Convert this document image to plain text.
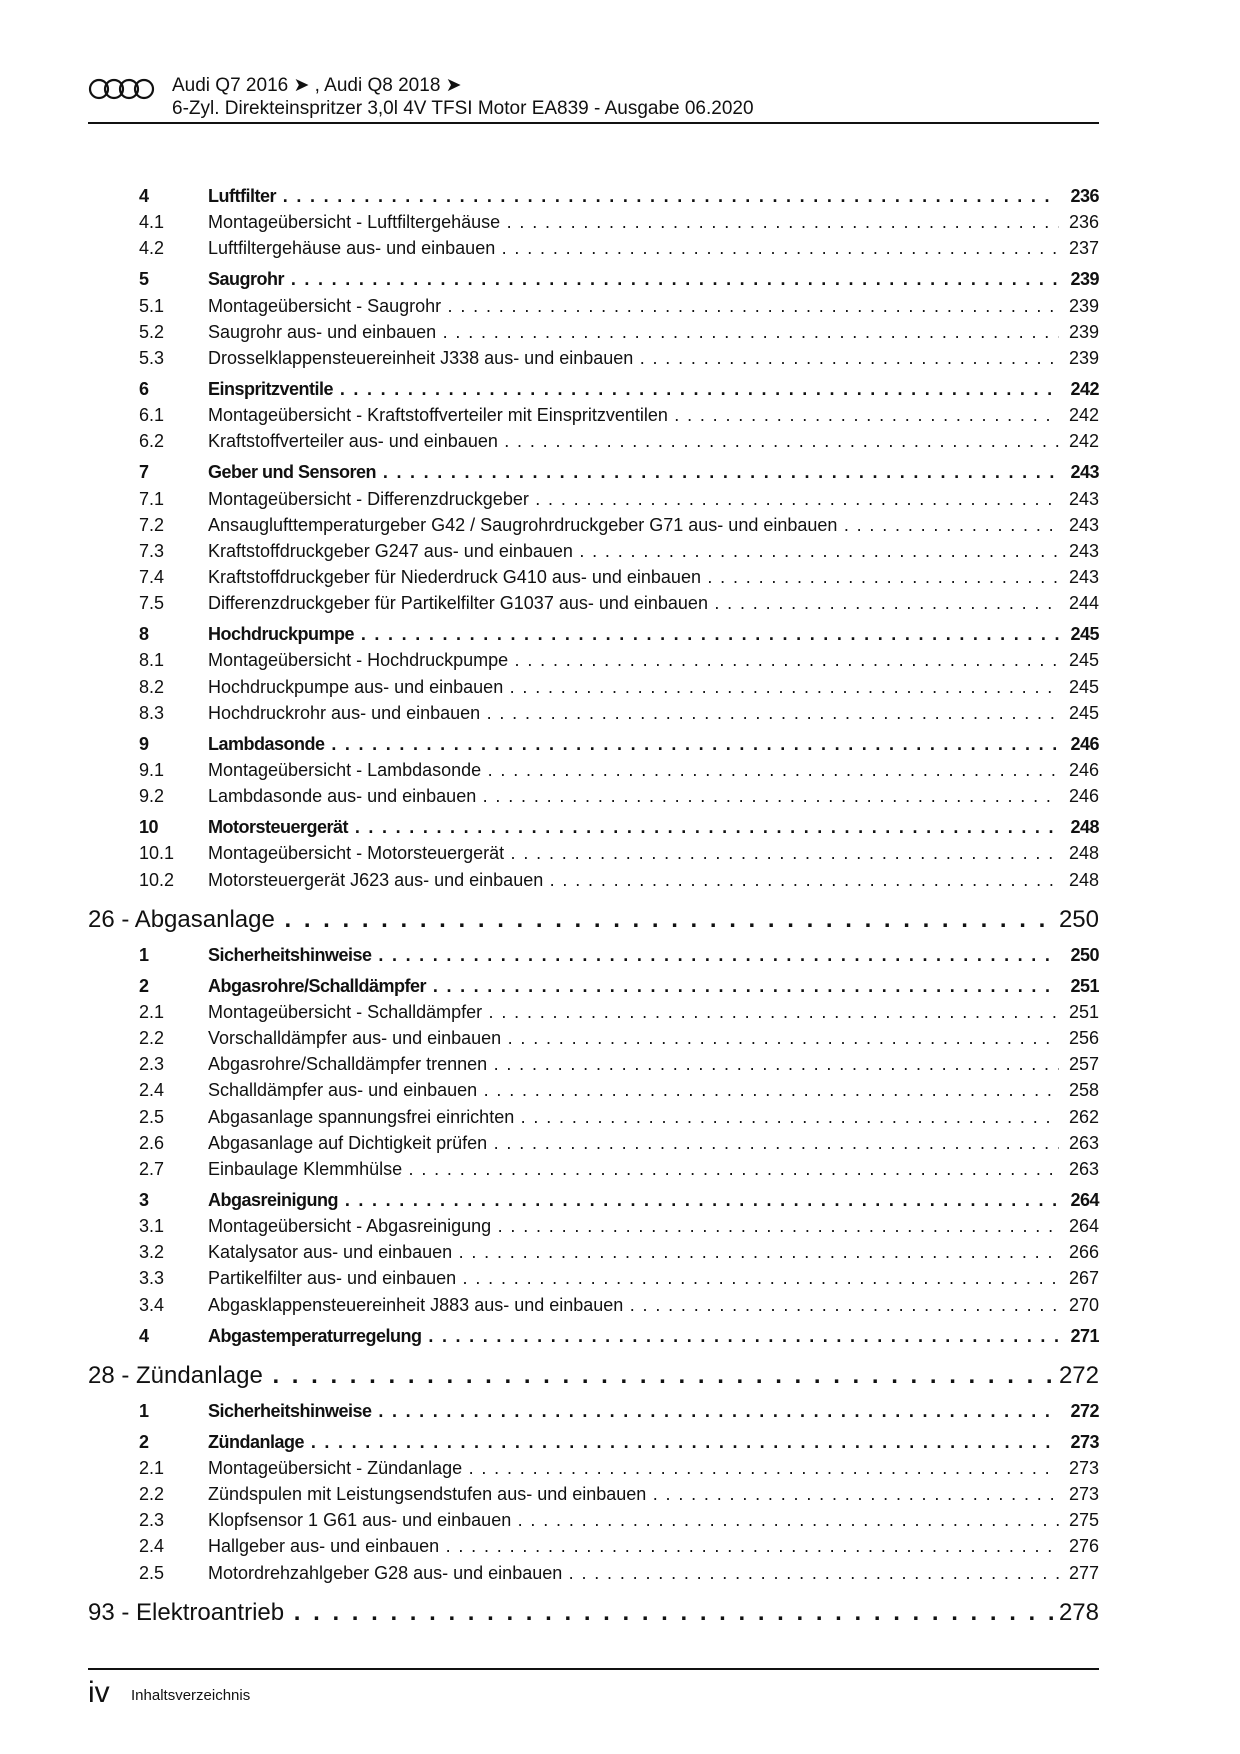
Audi Q7 2016 ➤ , Audi Q8 2018 ➤
6-Zyl. Direkteinspritzer 3,0l 4V TFSI Motor EA839 - Ausgabe 06.2020
4	Luftfilter . . .	236
4.1 Montageübersicht - Luftfiltergehäuse . . .	236
4.2 Luftfiltergehäuse aus- und einbauen . . .	237
5	Saugrohr . . .	239
5.1 Montageübersicht - Saugrohr . . .	239
5.2 Saugrohr aus- und einbauen . . .	239
5.3 Drosselklappensteuereinheit J338 aus- und einbauen . . .	239
6	Einspritzventile . . .	242
6.1 Montageübersicht - Kraftstoffverteiler mit Einspritzventilen . . .	242
6.2 Kraftstoffverteiler aus- und einbauen . . .	242
7	Geber und Sensoren . . .	243
7.1 Montageübersicht - Differenzdruckgeber . . .	243
7.2 Ansauglufttemperaturgeber G42 / Saugrohrdruckgeber G71 aus- und einbauen . . .	243
7.3 Kraftstoffdruckgeber G247 aus- und einbauen . . .	243
7.4 Kraftstoffdruckgeber für Niederdruck G410 aus- und einbauen . . .	243
7.5 Differenzdruckgeber für Partikelfilter G1037 aus- und einbauen . . .	244
8	Hochdruckpumpe . . .	245
8.1 Montageübersicht - Hochdruckpumpe . . .	245
8.2 Hochdruckpumpe aus- und einbauen . . .	245
8.3 Hochdruckrohr aus- und einbauen . . .	245
9	Lambdasonde . . .	246
9.1 Montageübersicht - Lambdasonde . . .	246
9.2 Lambdasonde aus- und einbauen . . .	246
10	Motorsteuergerät . . .	248
10.1 Montageübersicht - Motorsteuergerät . . .	248
10.2 Motorsteuergerät J623 aus- und einbauen . . .	248
26 - Abgasanlage . . .	250
1	Sicherheitshinweise . . .	250
2	Abgasrohre/Schalldämpfer . . .	251
2.1 Montageübersicht - Schalldämpfer . . .	251
2.2 Vorschalldämpfer aus- und einbauen . . .	256
2.3 Abgasrohre/Schalldämpfer trennen . . .	257
2.4 Schalldämpfer aus- und einbauen . . .	258
2.5 Abgasanlage spannungsfrei einrichten . . .	262
2.6 Abgasanlage auf Dichtigkeit prüfen . . .	263
2.7 Einbaulage Klemmhülse . . .	263
3	Abgasreinigung . . .	264
3.1 Montageübersicht - Abgasreinigung . . .	264
3.2 Katalysator aus- und einbauen . . .	266
3.3 Partikelfilter aus- und einbauen . . .	267
3.4 Abgasklappensteuereinheit J883 aus- und einbauen . . .	270
4	Abgastemperaturregelung . . .	271
28 - Zündanlage . . .	272
1	Sicherheitshinweise . . .	272
2	Zündanlage . . .	273
2.1 Montageübersicht - Zündanlage . . .	273
2.2 Zündspulen mit Leistungsendstufen aus- und einbauen . . .	273
2.3 Klopfsensor 1 G61 aus- und einbauen . . .	275
2.4 Hallgeber aus- und einbauen . . .	276
2.5 Motordrehzahlgeber G28 aus- und einbauen . . .	277
93 - Elektroantrieb . . .	278
iv Inhaltsverzeichnis
